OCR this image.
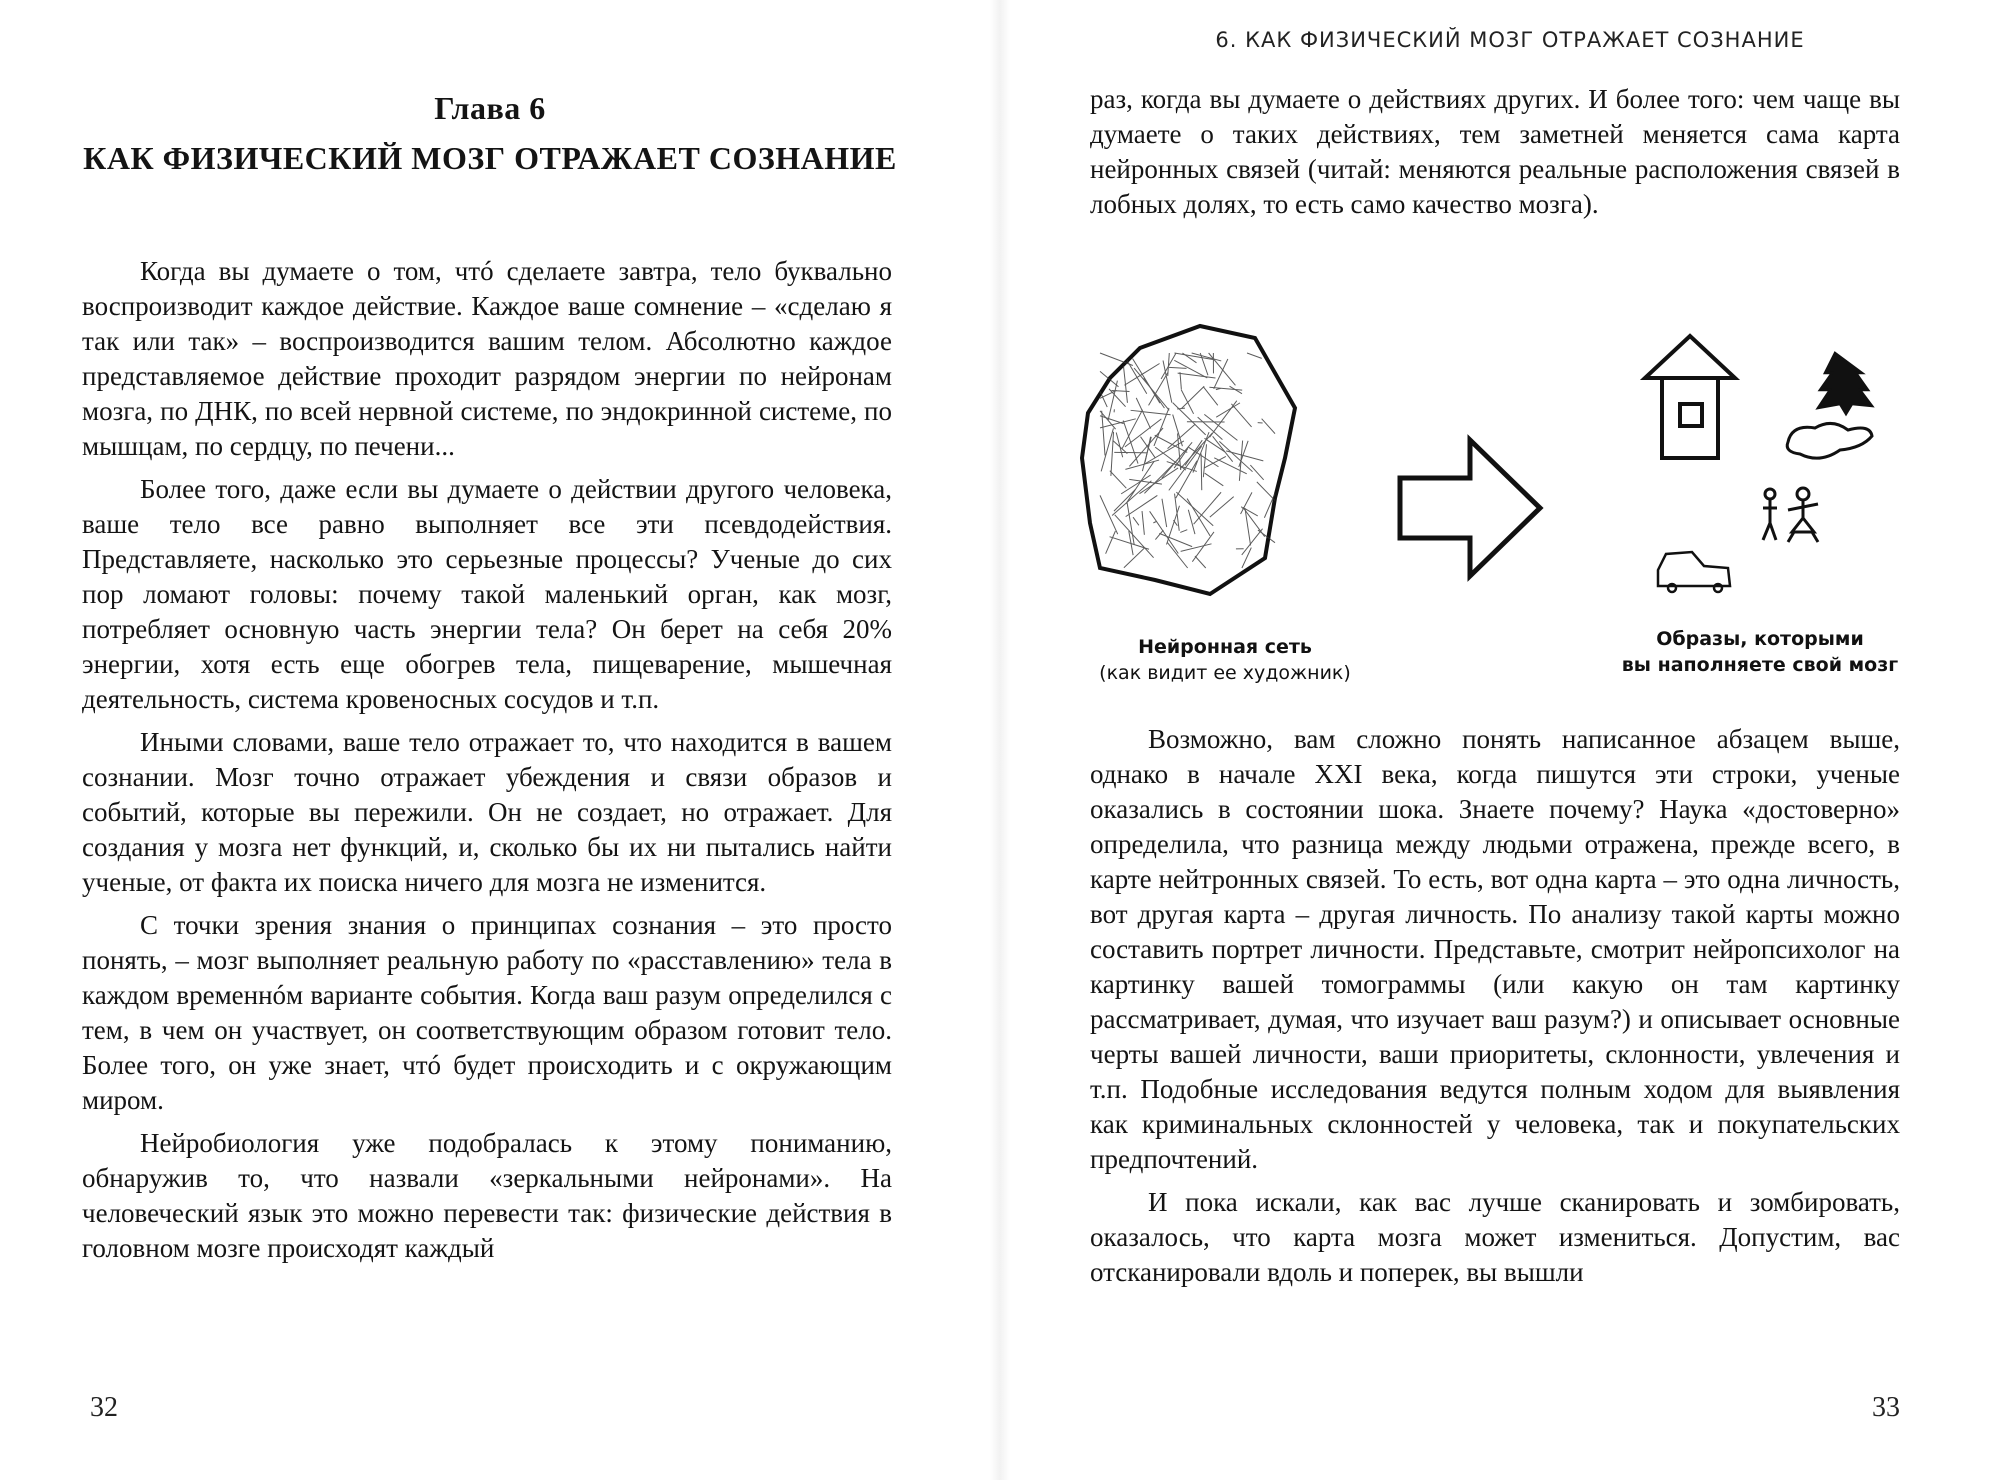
Глава 6
КАК ФИЗИЧЕСКИЙ МОЗГ ОТРАЖАЕТ СОЗНАНИЕ

Когда вы думаете о том, чтó сделаете завтра, тело буквально воспроизводит каждое действие. Каждое ваше сомнение – «сделаю я так или так» – воспроизводится вашим телом. Абсолютно каждое представляемое действие проходит разрядом энергии по нейронам мозга, по ДНК, по всей нервной системе, по эндокринной системе, по мышцам, по сердцу, по печени...

Более того, даже если вы думаете о действии другого человека, ваше тело все равно выполняет все эти псевдодействия. Представляете, насколько это серьезные процессы? Ученые до сих пор ломают головы: почему такой маленький орган, как мозг, потребляет основную часть энергии тела? Он берет на себя 20% энергии, хотя есть еще обогрев тела, пищеварение, мышечная деятельность, система кровеносных сосудов и т.п.

Иными словами, ваше тело отражает то, что находится в вашем сознании. Мозг точно отражает убеждения и связи образов и событий, которые вы пережили. Он не создает, но отражает. Для создания у мозга нет функций, и, сколько бы их ни пытались найти ученые, от факта их поиска ничего для мозга не изменится.

С точки зрения знания о принципах сознания – это просто понять, – мозг выполняет реальную работу по «расставлению» тела в каждом временнóм варианте события. Когда ваш разум определился с тем, в чем он участвует, он соответствующим образом готовит тело. Более того, он уже знает, чтó будет происходить и с окружающим миром.

Нейробиология уже подобралась к этому пониманию, обнаружив то, что назвали «зеркальными нейронами». На человеческий язык это можно перевести так: физические действия в головном мозге происходят каждый

32
6. КАК ФИЗИЧЕСКИЙ МОЗГ ОТРАЖАЕТ СОЗНАНИЕ

раз, когда вы думаете о действиях других. И более того: чем чаще вы думаете о таких действиях, тем заметней меняется сама карта нейронных связей (читай: меняются реальные расположения связей в лобных долях, то есть само качество мозга).

Нейронная сеть
(как видит ее художник)
Образы, которыми
вы наполняете свой мозг

Возможно, вам сложно понять написанное абзацем выше, однако в начале XXI века, когда пишутся эти строки, ученые оказались в состоянии шока. Знаете почему? Наука «достоверно» определила, что разница между людьми отражена, прежде всего, в карте нейтронных связей. То есть, вот одна карта – это одна личность, вот другая карта – другая личность. По анализу такой карты можно составить портрет личности. Представьте, смотрит нейропсихолог на картинку вашей томограммы (или какую он там картинку рассматривает, думая, что изучает ваш разум?) и описывает основные черты вашей личности, ваши приоритеты, склонности, увлечения и т.п. Подобные исследования ведутся полным ходом для выявления как криминальных склонностей у человека, так и покупательских предпочтений.

И пока искали, как вас лучше сканировать и зомбировать, оказалось, что карта мозга может измениться. Допустим, вас отсканировали вдоль и поперек, вы вышли

33
